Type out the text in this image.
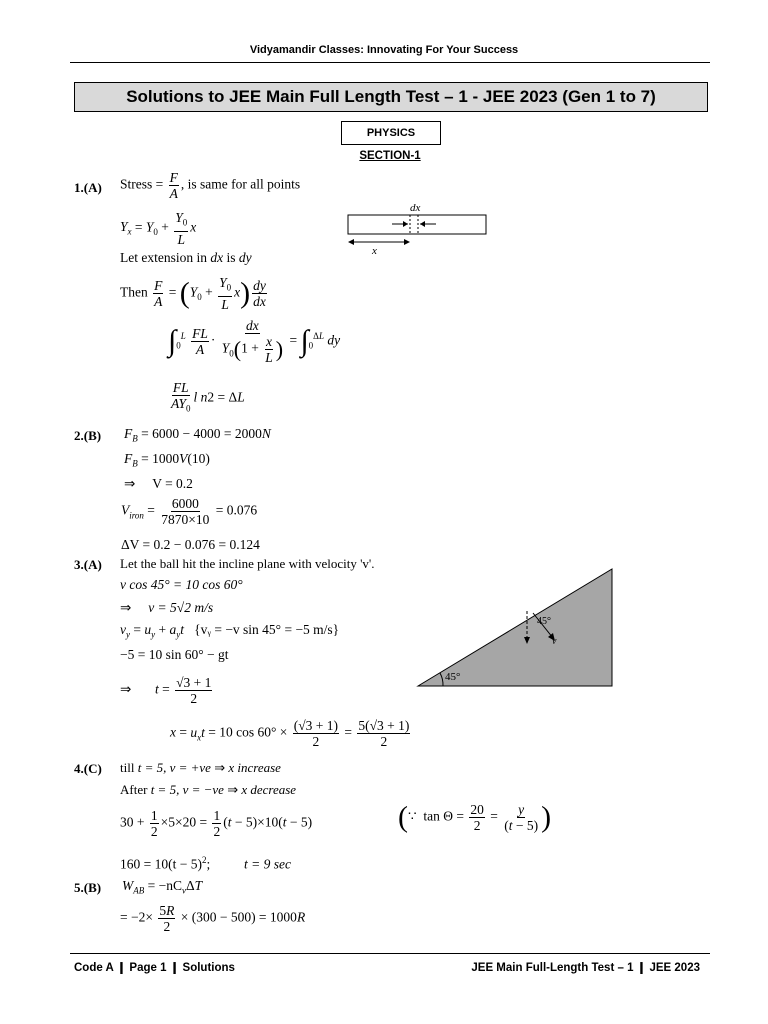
Vidyamandir Classes: Innovating For Your Success
Solutions to JEE Main Full Length Test – 1 - JEE 2023 (Gen 1 to 7)
PHYSICS
SECTION-1
1.(A) Stress = $\frac{F}{A}$ , is same for all points
$Y_x = Y_0 + \frac{Y_0}{L}$ x
Let extension in dx is dy
Then $\frac{F}{A} = (Y_0 + \frac{Y_0}{L} x) \frac{dy}{dx}$
$\int_0^L \frac{FL}{A} \cdot \frac{dx}{Y_0(1 + \frac{x}{L} )} = \int_0^{\Delta L}$ dy
$\frac{FL}{AY_0}$ l n2 = ΔL
dx
x
2.(B) $F_B = 6000 - 4000 = 2000N$
$F_B = 1000V(10)$
⇒     V = 0.2
$V_{iron} = \frac{6000}{7870\times 10} = 0.076$
ΔV = 0.2 − 0.076 = 0.124
3.(A) Let the ball hit the incline plane with velocity 'v'.
v cos 45° = 10 cos 60°
⇒     v = 5√2 m/s
$v_y = u_y + a_yt$ {vᵧ = −v sin 45° = −5 m/s}
−5 = 10 sin 60° − gt
⇒       $t = \frac{√3 + 1}{2}$
$x = u_xt = 10$ $\cos 60^\circ \times \frac{(√3 + 1)}{2} = \frac{5(√3 + 1)}{2}$
45°
45°
v
4.(C) till t = 5, v = +ve ⇒ x increase
After t = 5, v = −ve ⇒ x decrease
$30 + \frac{1}{2} \times 5\times 20 = \frac{1}{2} (t - 5)\times 10(t - 5)$	(∵  $\tan \Theta = \frac{20}{2} = \frac{y}{(t - 5)}$ )
$160 = 10(t - 5)^2$;          t = 9 sec
5.(B) $W_{AB} = -nC_v\Delta T$
= $-2\times \frac{5R}{2} \times (300 - 500) = 1000R$
Code A ❙ Page 1 ❙ Solutions	JEE Main Full-Length Test – 1 ❙ JEE 2023
